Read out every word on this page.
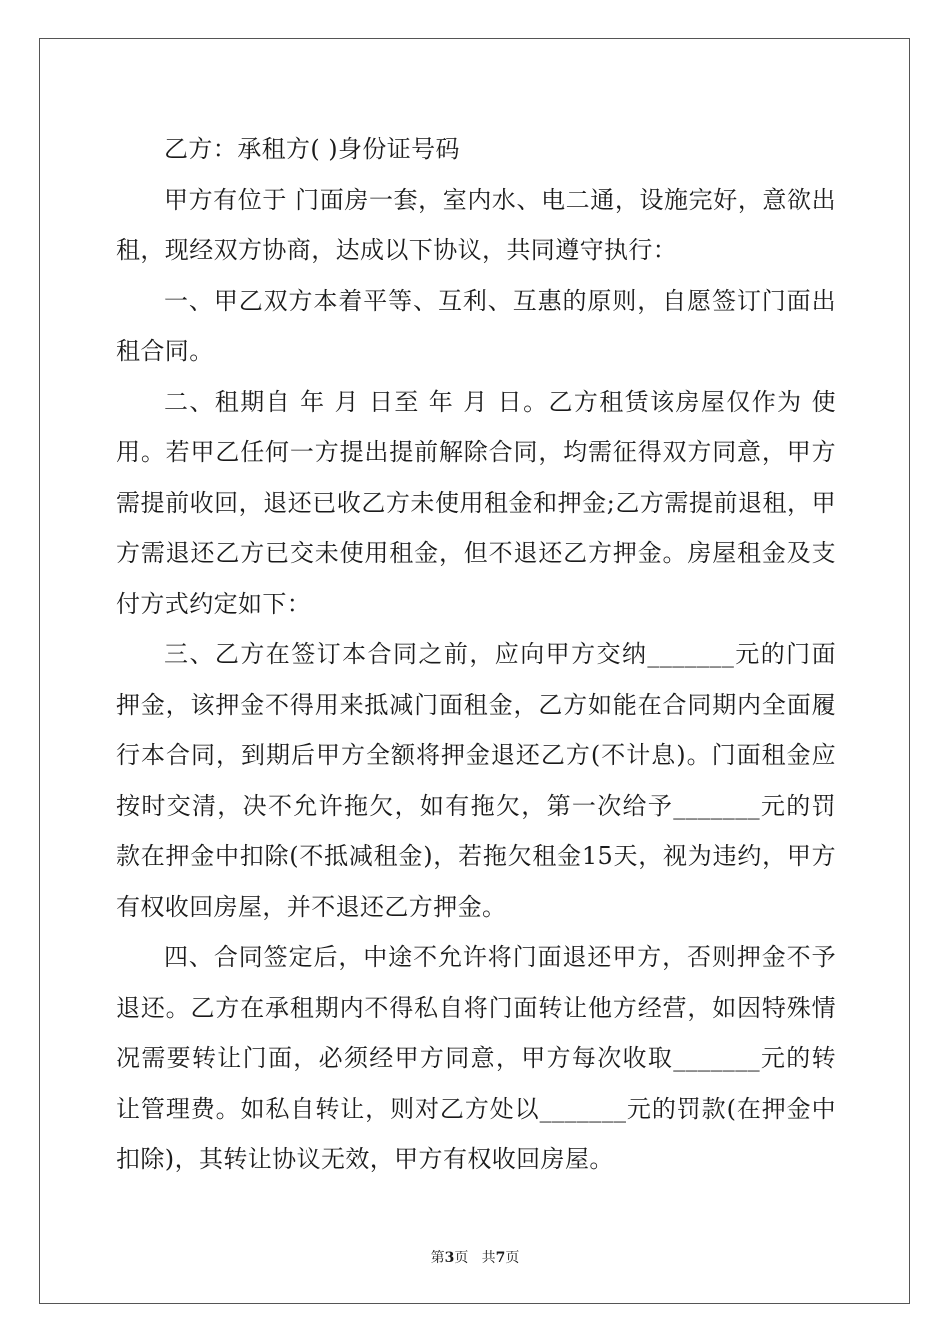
乙方：承租方( )身份证号码

甲方有位于 门面房一套，室内水、电二通，设施完好，意欲出租，现经双方协商，达成以下协议，共同遵守执行：

一、甲乙双方本着平等、互利、互惠的原则，自愿签订门面出租合同。

二、租期自 年 月 日至 年 月 日。乙方租赁该房屋仅作为 使用。若甲乙任何一方提出提前解除合同，均需征得双方同意，甲方需提前收回，退还已收乙方未使用租金和押金;乙方需提前退租，甲方需退还乙方已交未使用租金，但不退还乙方押金。房屋租金及支付方式约定如下：

三、乙方在签订本合同之前，应向甲方交纳_______元的门面押金，该押金不得用来抵减门面租金，乙方如能在合同期内全面履行本合同，到期后甲方全额将押金退还乙方(不计息)。门面租金应按时交清，决不允许拖欠，如有拖欠，第一次给予_______元的罚款在押金中扣除(不抵减租金)，若拖欠租金15天，视为违约，甲方有权收回房屋，并不退还乙方押金。

四、合同签定后，中途不允许将门面退还甲方，否则押金不予退还。乙方在承租期内不得私自将门面转让他方经营，如因特殊情况需要转让门面，必须经甲方同意，甲方每次收取_______元的转让管理费。如私自转让，则对乙方处以_______元的罚款(在押金中扣除)，其转让协议无效，甲方有权收回房屋。

第3页 共7页
